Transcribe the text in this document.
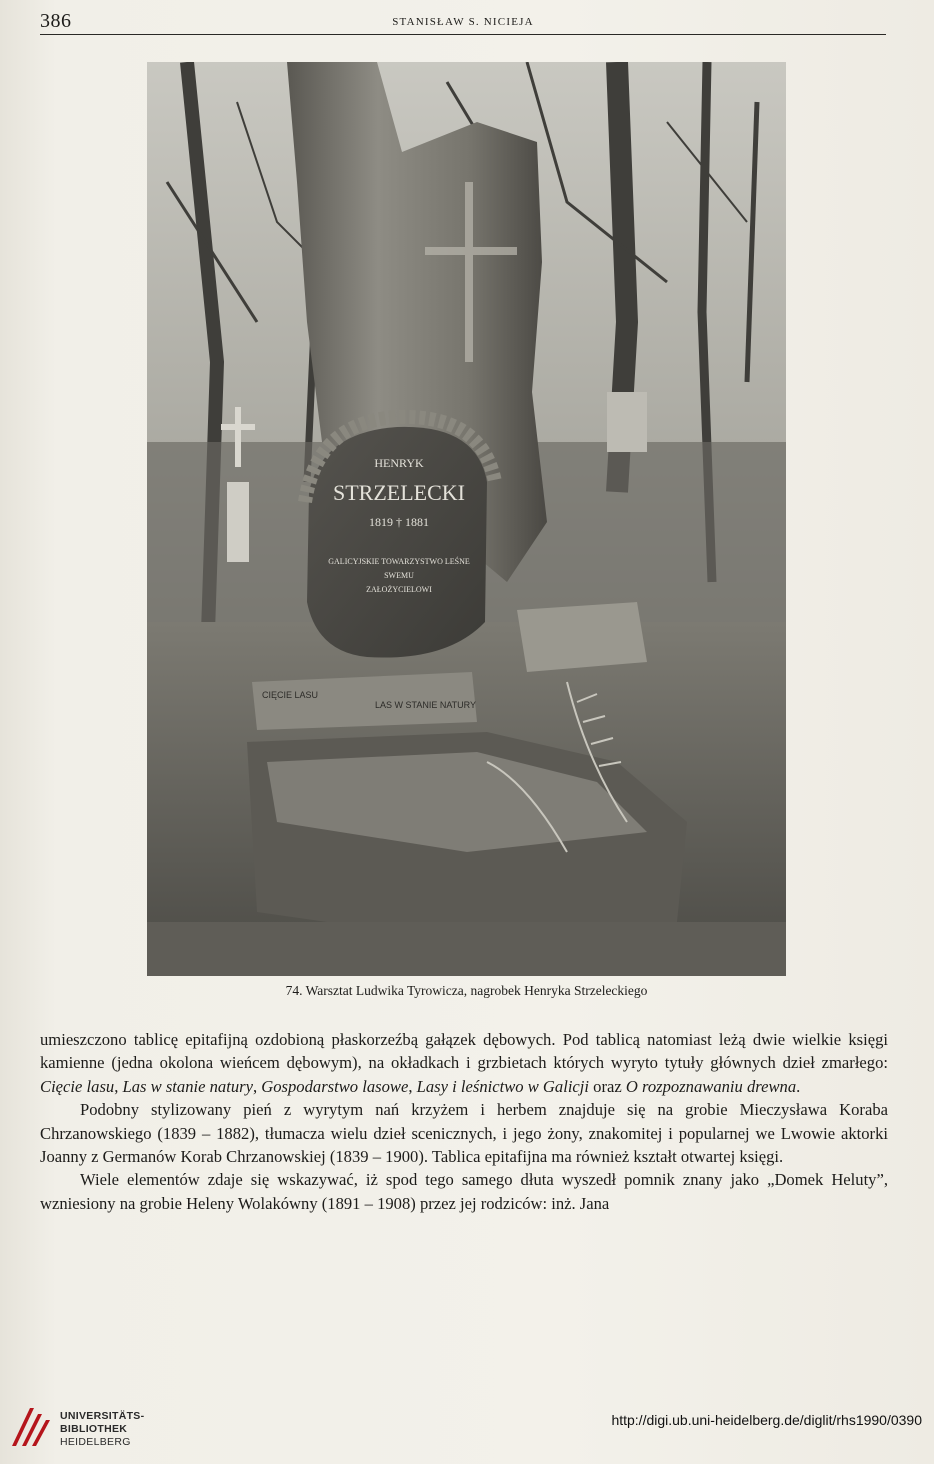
386	STANISŁAW S. NICIEJA
HENRYK
STRZELECKI
1819 † 1881
GALICYJSKIE TOWARZYSTWO LEŚNE
SWEMU
ZAŁOŻYCIELOWI
CIĘCIE LASU
LAS W STANIE NATURY
74. Warsztat Ludwika Tyrowicza, nagrobek Henryka Strzeleckiego

umieszczono tablicę epitafijną ozdobioną płaskorzeźbą gałązek dębowych. Pod tablicą natomiast leżą dwie wielkie księgi kamienne (jedna okolona wieńcem dębowym), na okładkach i grzbietach których wyryto tytuły głównych dzieł zmarłego: Cięcie lasu, Las w stanie natury, Gospodarstwo lasowe, Lasy i leśnictwo w Galicji oraz O rozpoznawaniu drewna.

Podobny stylizowany pień z wyrytym nań krzyżem i herbem znajduje się na grobie Mieczysława Koraba Chrzanowskiego (1839 – 1882), tłumacza wielu dzieł scenicznych, i jego żony, znakomitej i popularnej we Lwowie aktorki Joanny z Germanów Korab Chrzanowskiej (1839 – 1900). Tablica epitafijna ma również kształt otwartej księgi.

Wiele elementów zdaje się wskazywać, iż spod tego samego dłuta wyszedł pomnik znany jako „Domek Heluty”, wzniesiony na grobie Heleny Wolakówny (1891 – 1908) przez jej rodziców: inż. Jana

UNIVERSITÄTS-
BIBLIOTHEK
HEIDELBERG
http://digi.ub.uni-heidelberg.de/diglit/rhs1990/0390
